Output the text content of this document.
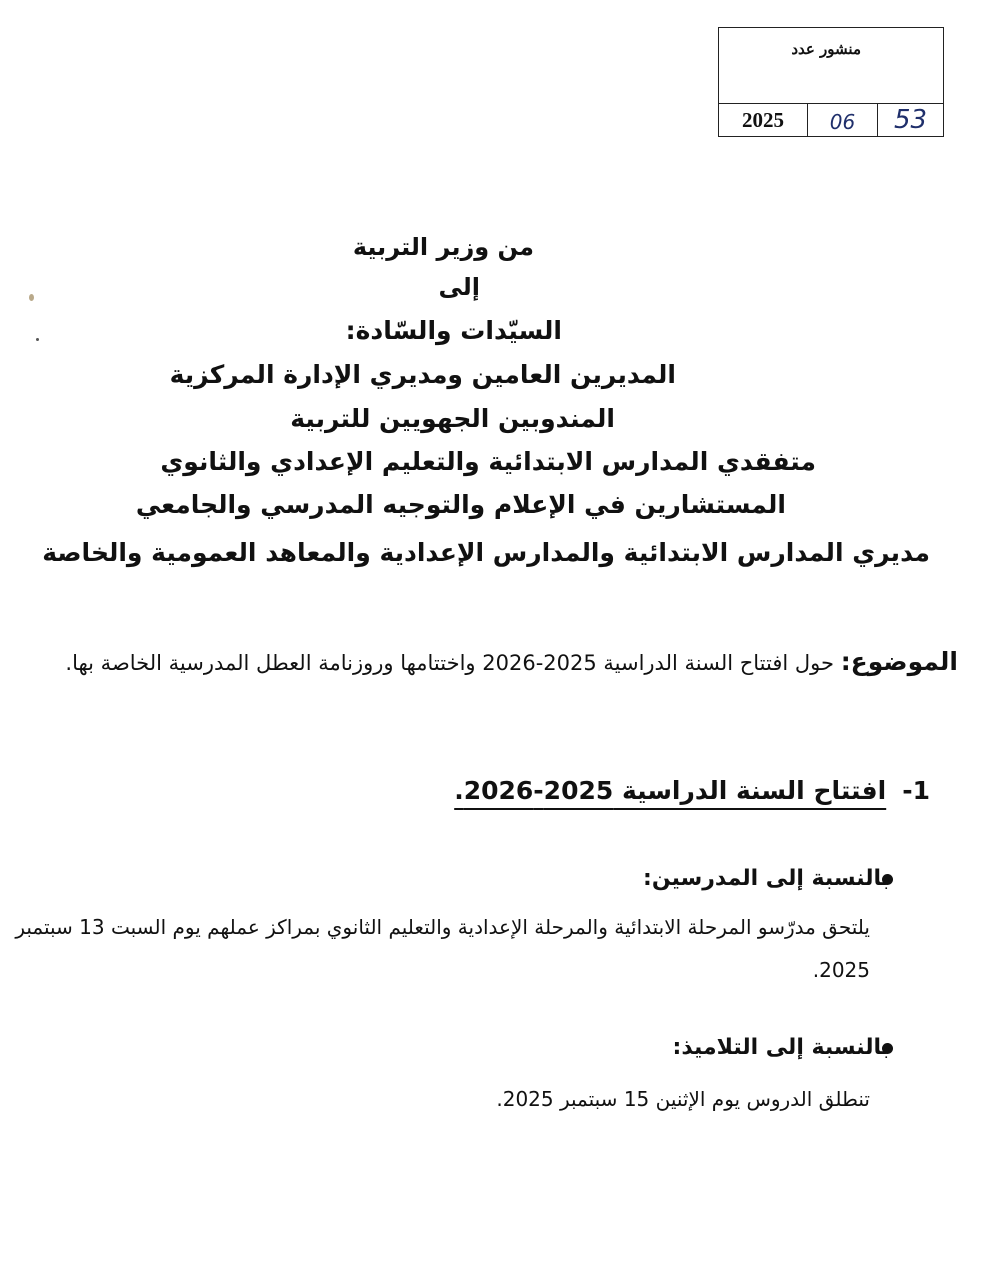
منشور عدد
2025	06	53
من وزير التربية
إلى
السيّدات والسّادة:
المديرين العامين ومديري الإدارة المركزية
المندوبين الجهويين للتربية
متفقدي المدارس الابتدائية والتعليم الإعدادي والثانوي
المستشارين في الإعلام والتوجيه المدرسي والجامعي
مديري المدارس الابتدائية والمدارس الإعدادية والمعاهد العمومية والخاصة
الموضوع: حول افتتاح السنة الدراسية 2025-2026 واختتامها وروزنامة العطل المدرسية الخاصة بها.
1-افتتاح السنة الدراسية 2025-2026.
بالنسبة إلى المدرسين:
يلتحق مدرّسو المرحلة الابتدائية والمرحلة الإعدادية والتعليم الثانوي بمراكز عملهم يوم السبت 13 سبتمبر 2025.
بالنسبة إلى التلاميذ:
تنطلق الدروس يوم الإثنين 15 سبتمبر 2025.
